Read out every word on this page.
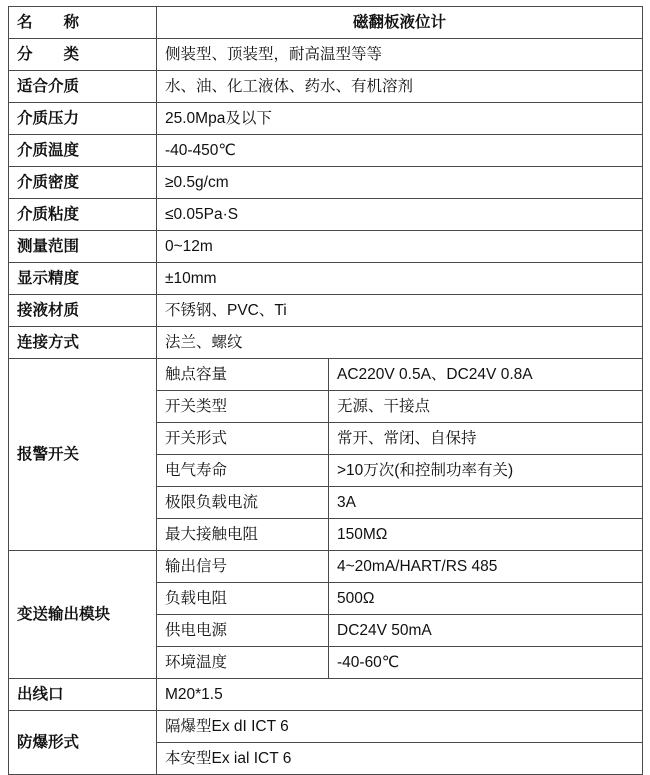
名　　称	磁翻板液位计	
分　　类	侧装型、顶装型，耐高温型等等	
适合介质	水、油、化工液体、药水、有机溶剂	
介质压力	25.0Mpa及以下	
介质温度	-40-450℃	
介质密度	≥0.5g/cm	
介质粘度	≤0.05Pa·S	
测量范围	0~12m	
显示精度	±10mm	
接液材质	不锈钢、PVC、Ti	
连接方式	法兰、螺纹	
报警开关	触点容量	AC220V 0.5A、DC24V 0.8A
	开关类型	无源、干接点
	开关形式	常开、常闭、自保持
	电气寿命	>10万次(和控制功率有关)
	极限负载电流	3A
	最大接触电阻	150MΩ
变送输出模块	输出信号	4~20mA/HART/RS 485
	负载电阻	500Ω
	供电电源	DC24V 50mA
	环境温度	-40-60℃
出线口	M20*1.5	
防爆形式	隔爆型Ex dI ICT 6	
	本安型Ex ial ICT 6	
